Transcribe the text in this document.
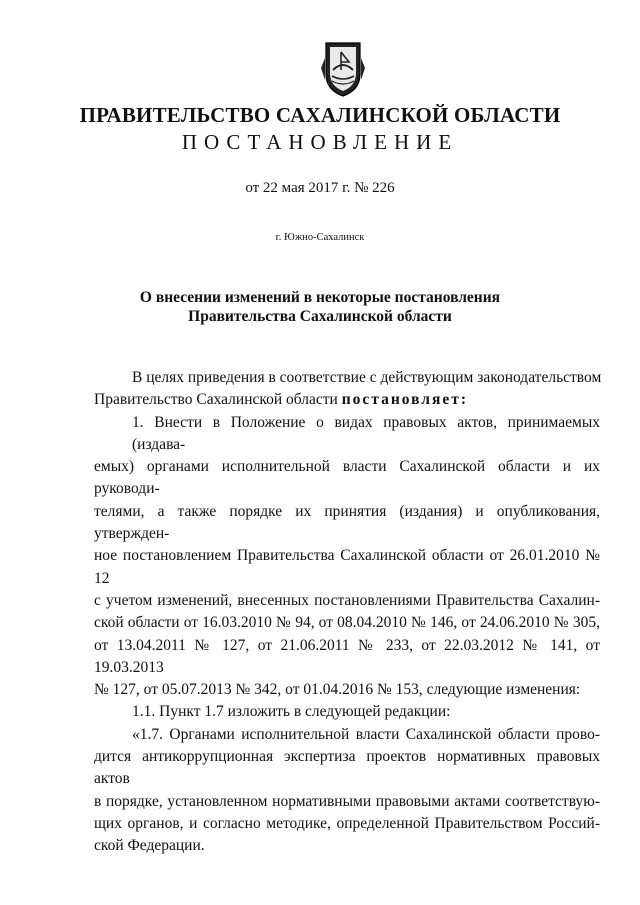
ПРАВИТЕЛЬСТВО САХАЛИНСКОЙ ОБЛАСТИ
ПОСТАНОВЛЕНИЕ
от 22 мая 2017 г. № 226
г. Южно-Сахалинск
О внесении изменений в некоторые постановления
Правительства Сахалинской области
В целях приведения в соответствие с действующим законодательством
Правительство Сахалинской области постановляет:
1. Внести в Положение о видах правовых актов, принимаемых (издава-
емых) органами исполнительной власти Сахалинской области и их руководи-
телями, а также порядке их принятия (издания) и опубликования, утвержден-
ное постановлением Правительства Сахалинской области от 26.01.2010 № 12
с учетом изменений, внесенных постановлениями Правительства Сахалин-
ской области от 16.03.2010 № 94, от 08.04.2010 № 146, от 24.06.2010 № 305,
от 13.04.2011 № 127, от 21.06.2011 № 233, от 22.03.2012 № 141, от 19.03.2013
№ 127, от 05.07.2013 № 342, от 01.04.2016 № 153, следующие изменения:
1.1. Пункт 1.7 изложить в следующей редакции:
«1.7. Органами исполнительной власти Сахалинской области прово-
дится антикоррупционная экспертиза проектов нормативных правовых актов
в порядке, установленном нормативными правовыми актами соответствую-
щих органов, и согласно методике, определенной Правительством Россий-
ской Федерации.
